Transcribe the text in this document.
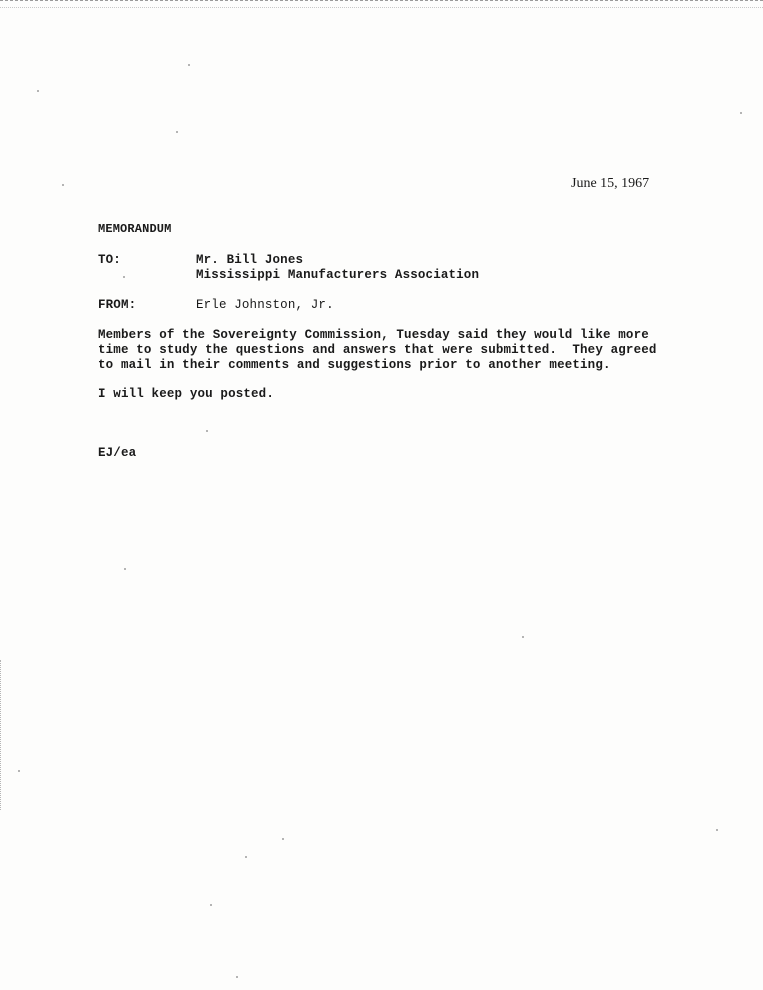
June 15, 1967
MEMORANDUM
TO:	Mr. Bill Jones
Mississippi Manufacturers Association
FROM:	Erle Johnston, Jr.
Members of the Sovereignty Commission, Tuesday said they would like more
time to study the questions and answers that were submitted.  They agreed
to mail in their comments and suggestions prior to another meeting.
I will keep you posted.
EJ/ea
